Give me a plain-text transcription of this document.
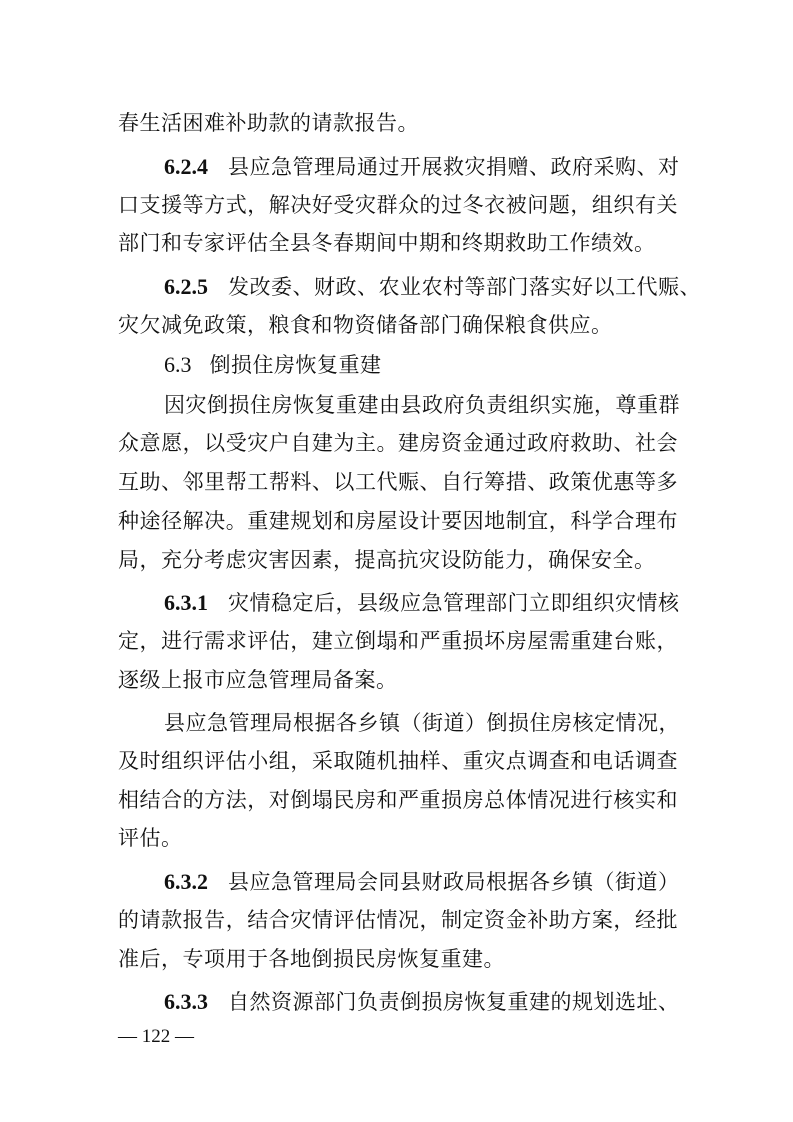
春生活困难补助款的请款报告。
6.2.4 县应急管理局通过开展救灾捐赠、政府采购、对
口支援等方式，解决好受灾群众的过冬衣被问题，组织有关
部门和专家评估全县冬春期间中期和终期救助工作绩效。
6.2.5 发改委、财政、农业农村等部门落实好以工代赈、
灾欠减免政策，粮食和物资储备部门确保粮食供应。
6.3 倒损住房恢复重建
因灾倒损住房恢复重建由县政府负责组织实施，尊重群
众意愿，以受灾户自建为主。建房资金通过政府救助、社会
互助、邻里帮工帮料、以工代赈、自行筹措、政策优惠等多
种途径解决。重建规划和房屋设计要因地制宜，科学合理布
局，充分考虑灾害因素，提高抗灾设防能力，确保安全。
6.3.1 灾情稳定后，县级应急管理部门立即组织灾情核
定，进行需求评估，建立倒塌和严重损坏房屋需重建台账，
逐级上报市应急管理局备案。
县应急管理局根据各乡镇（街道）倒损住房核定情况，
及时组织评估小组，采取随机抽样、重灾点调查和电话调查
相结合的方法，对倒塌民房和严重损房总体情况进行核实和
评估。
6.3.2 县应急管理局会同县财政局根据各乡镇（街道）
的请款报告，结合灾情评估情况，制定资金补助方案，经批
准后，专项用于各地倒损民房恢复重建。
6.3.3 自然资源部门负责倒损房恢复重建的规划选址、
— 122 —
